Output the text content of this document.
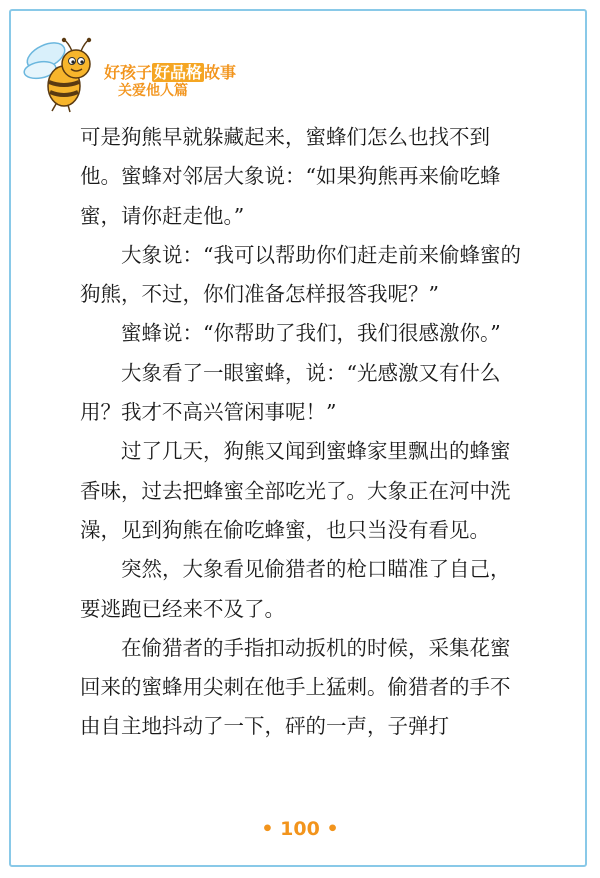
好孩子 好品格 故事
关爱他人篇

可是狗熊早就躲藏起来，蜜蜂们怎么也找不到他。蜜蜂对邻居大象说：“如果狗熊再来偷吃蜂蜜，请你赶走他。”

大象说：“我可以帮助你们赶走前来偷蜂蜜的狗熊，不过，你们准备怎样报答我呢？”

蜜蜂说：“你帮助了我们，我们很感激你。”

大象看了一眼蜜蜂，说：“光感激又有什么用？我才不高兴管闲事呢！”

过了几天，狗熊又闻到蜜蜂家里飘出的蜂蜜香味，过去把蜂蜜全部吃光了。大象正在河中洗澡，见到狗熊在偷吃蜂蜜，也只当没有看见。

突然，大象看见偷猎者的枪口瞄准了自己，要逃跑已经来不及了。

在偷猎者的手指扣动扳机的时候，采集花蜜回来的蜜蜂用尖刺在他手上猛刺。偷猎者的手不由自主地抖动了一下，砰的一声，子弹打

• 100 •
